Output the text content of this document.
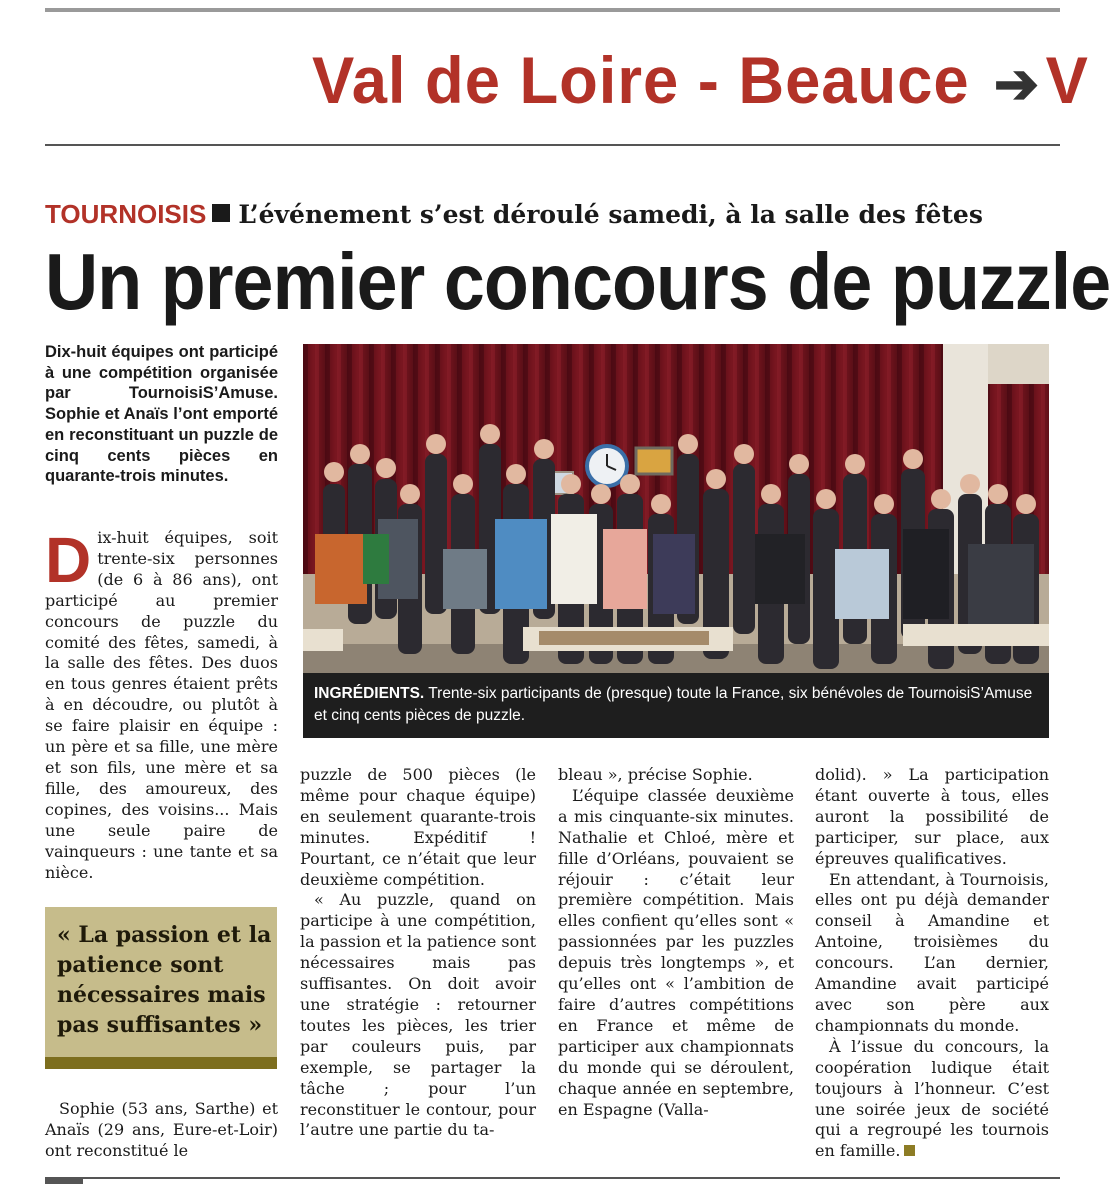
Val de Loire - Beauce ➔V
TOURNOISIS L’événement s’est déroulé samedi, à la salle des fêtes
Un premier concours de puzzle
Dix-huit équipes ont participé à une compétition organisée par TournoisiS’Amuse. Sophie et Anaïs l’ont emporté en reconstituant un puzzle de cinq cents pièces en quarante-trois minutes.
D ix-huit équipes, soit trente-six personnes (de 6 à 86 ans), ont participé au premier concours de puzzle du comité des fêtes, samedi, à la salle des fêtes. Des duos en tous genres étaient prêts à en découdre, ou plutôt à se faire plaisir en équipe : un père et sa fille, une mère et son fils, une mère et sa fille, des amoureux, des copines, des voisins... Mais une seule paire de vainqueurs : une tante et sa nièce.

« La passion et la patience sont nécessaires mais pas suffisantes »

Sophie (53 ans, Sarthe) et Anaïs (29 ans, Eure-et-Loir) ont reconstitué le

INGRÉDIENTS. Trente-six participants de (presque) toute la France, six bénévoles de TournoisiS’Amuse et cinq cents pièces de puzzle.

puzzle de 500 pièces (le même pour chaque équipe) en seulement quarante-trois minutes. Expéditif ! Pourtant, ce n’était que leur deuxième compétition.

« Au puzzle, quand on participe à une compétition, la passion et la patience sont nécessaires mais pas suffisantes. On doit avoir une stratégie : retourner toutes les pièces, les trier par couleurs puis, par exemple, se partager la tâche ; pour l’un reconstituer le contour, pour l’autre une partie du ta-

bleau », précise Sophie.

L’équipe classée deuxième a mis cinquante-six minutes. Nathalie et Chloé, mère et fille d’Orléans, pouvaient se réjouir : c’était leur première compétition. Mais elles confient qu’elles sont « passionnées par les puzzles depuis très longtemps », et qu’elles ont « l’ambition de faire d’autres compétitions en France et même de participer aux championnats du monde qui se déroulent, chaque année en septembre, en Espagne (Valla-

dolid). » La participation étant ouverte à tous, elles auront la possibilité de participer, sur place, aux épreuves qualificatives.

En attendant, à Tournoisis, elles ont pu déjà demander conseil à Amandine et Antoine, troisièmes du concours. L’an dernier, Amandine avait participé avec son père aux championnats du monde.

À l’issue du concours, la coopération ludique était toujours à l’honneur. C’est une soirée jeux de société qui a regroupé les tournois en famille.
